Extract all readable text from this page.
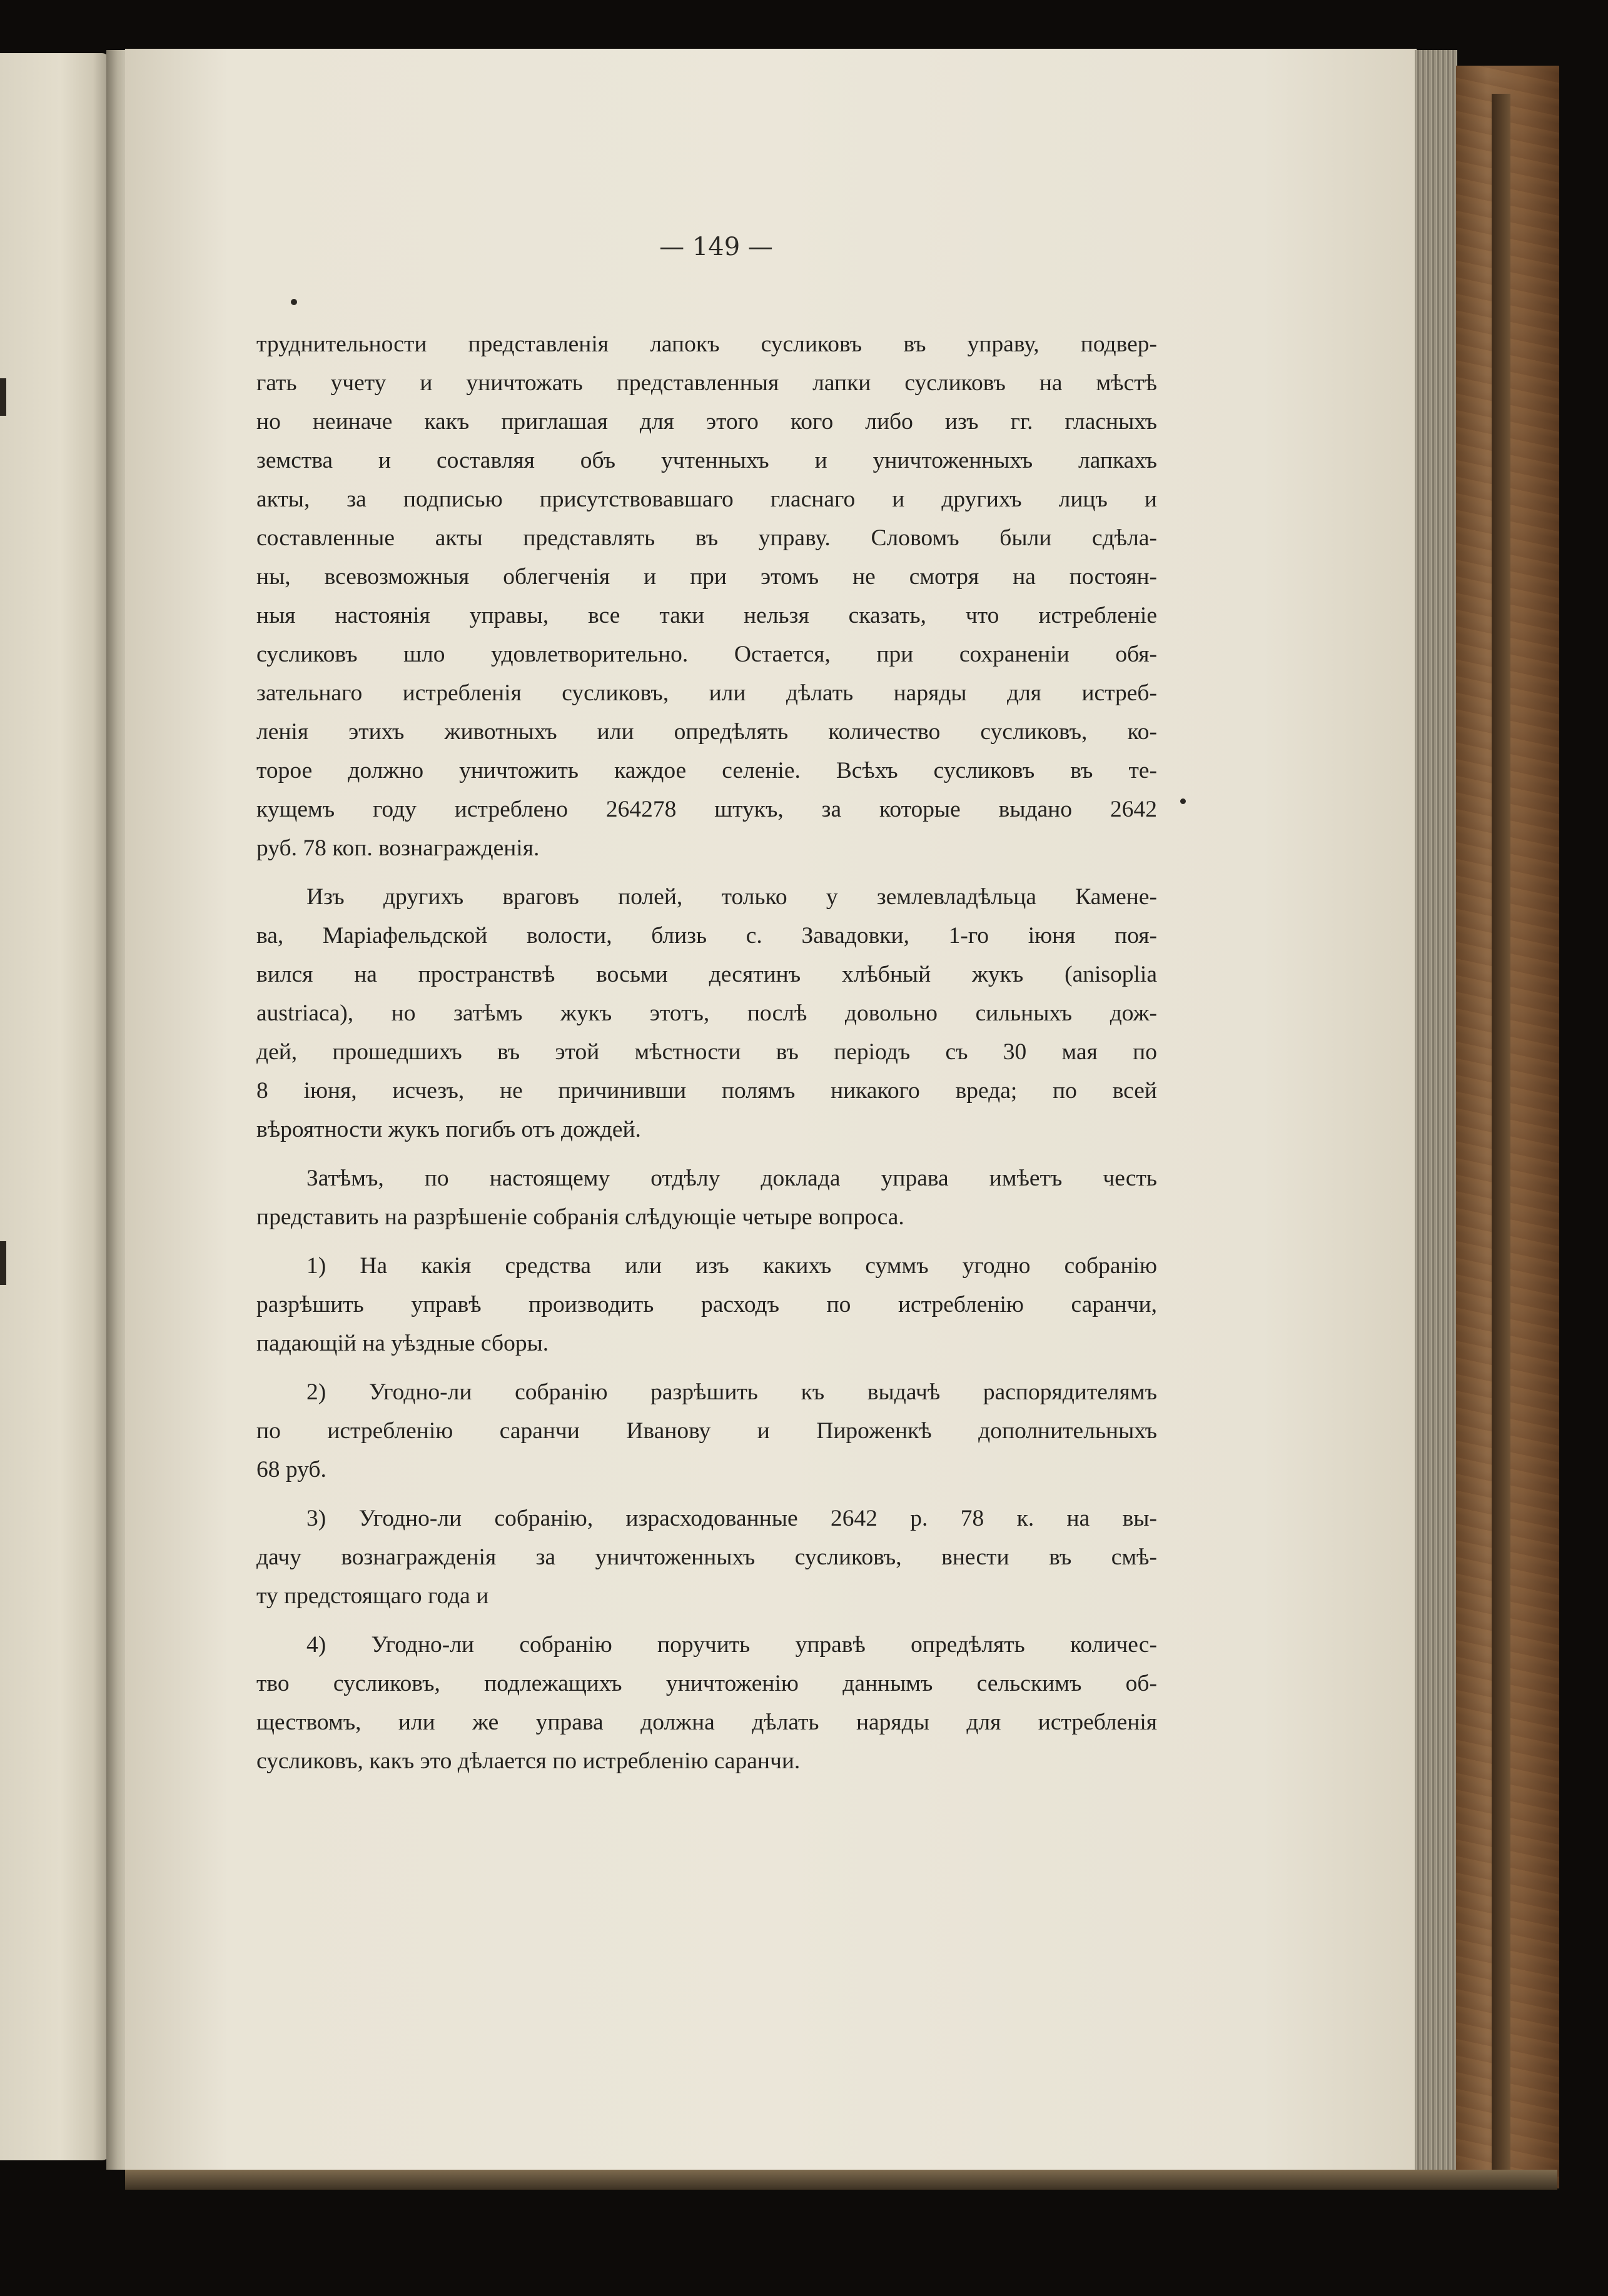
— 149 —
труднительности представленія лапокъ сусликовъ въ управу, подвер-
гать учету и уничтожать представленныя лапки сусликовъ на мѣстѣ
но неиначе какъ приглашая для этого кого либо изъ гг. гласныхъ
земства и составляя объ учтенныхъ и уничтоженныхъ лапкахъ
акты, за подписью присутствовавшаго гласнаго и другихъ лицъ и
составленные акты представлять въ управу. Словомъ были сдѣла-
ны, всевозможныя облегченія и при этомъ не смотря на постоян-
ныя настоянія управы, все таки нельзя сказать, что истребленіе
сусликовъ шло удовлетворительно. Остается, при сохраненіи обя-
зательнаго истребленія сусликовъ, или дѣлать наряды для истреб-
ленія этихъ животныхъ или опредѣлять количество сусликовъ, ко-
торое должно уничтожить каждое селеніе. Всѣхъ сусликовъ въ те-
кущемъ году истреблено 264278 штукъ, за которые выдано 2642
руб. 78 коп. вознагражденія.
Изъ другихъ враговъ полей, только у землевладѣльца Камене-
ва, Маріафельдской волости, близь с. Завадовки, 1-го іюня поя-
вился на пространствѣ восьми десятинъ хлѣбный жукъ (anisoplia
austriaca), но затѣмъ жукъ этотъ, послѣ довольно сильныхъ дож-
дей, прошедшихъ въ этой мѣстности въ періодъ съ 30 мая по
8 іюня, исчезъ, не причинивши полямъ никакого вреда; по всей
вѣроятности жукъ погибъ отъ дождей.
Затѣмъ, по настоящему отдѣлу доклада управа имѣетъ честь
представить на разрѣшеніе собранія слѣдующіе четыре вопроса.
1) На какія средства или изъ какихъ суммъ угодно собранію
разрѣшить управѣ производить расходъ по истребленію саранчи,
падающій на уѣздные сборы.
2) Угодно-ли собранію разрѣшить къ выдачѣ распорядителямъ
по истребленію саранчи Иванову и Пироженкѣ дополнительныхъ
68 руб.
3) Угодно-ли собранію, израсходованные 2642 р. 78 к. на вы-
дачу вознагражденія за уничтоженныхъ сусликовъ, внести въ смѣ-
ту предстоящаго года и
4) Угодно-ли собранію поручить управѣ опредѣлять количес-
тво сусликовъ, подлежащихъ уничтоженію даннымъ сельскимъ об-
ществомъ, или же управа должна дѣлать наряды для истребленія
сусликовъ, какъ это дѣлается по истребленію саранчи.
